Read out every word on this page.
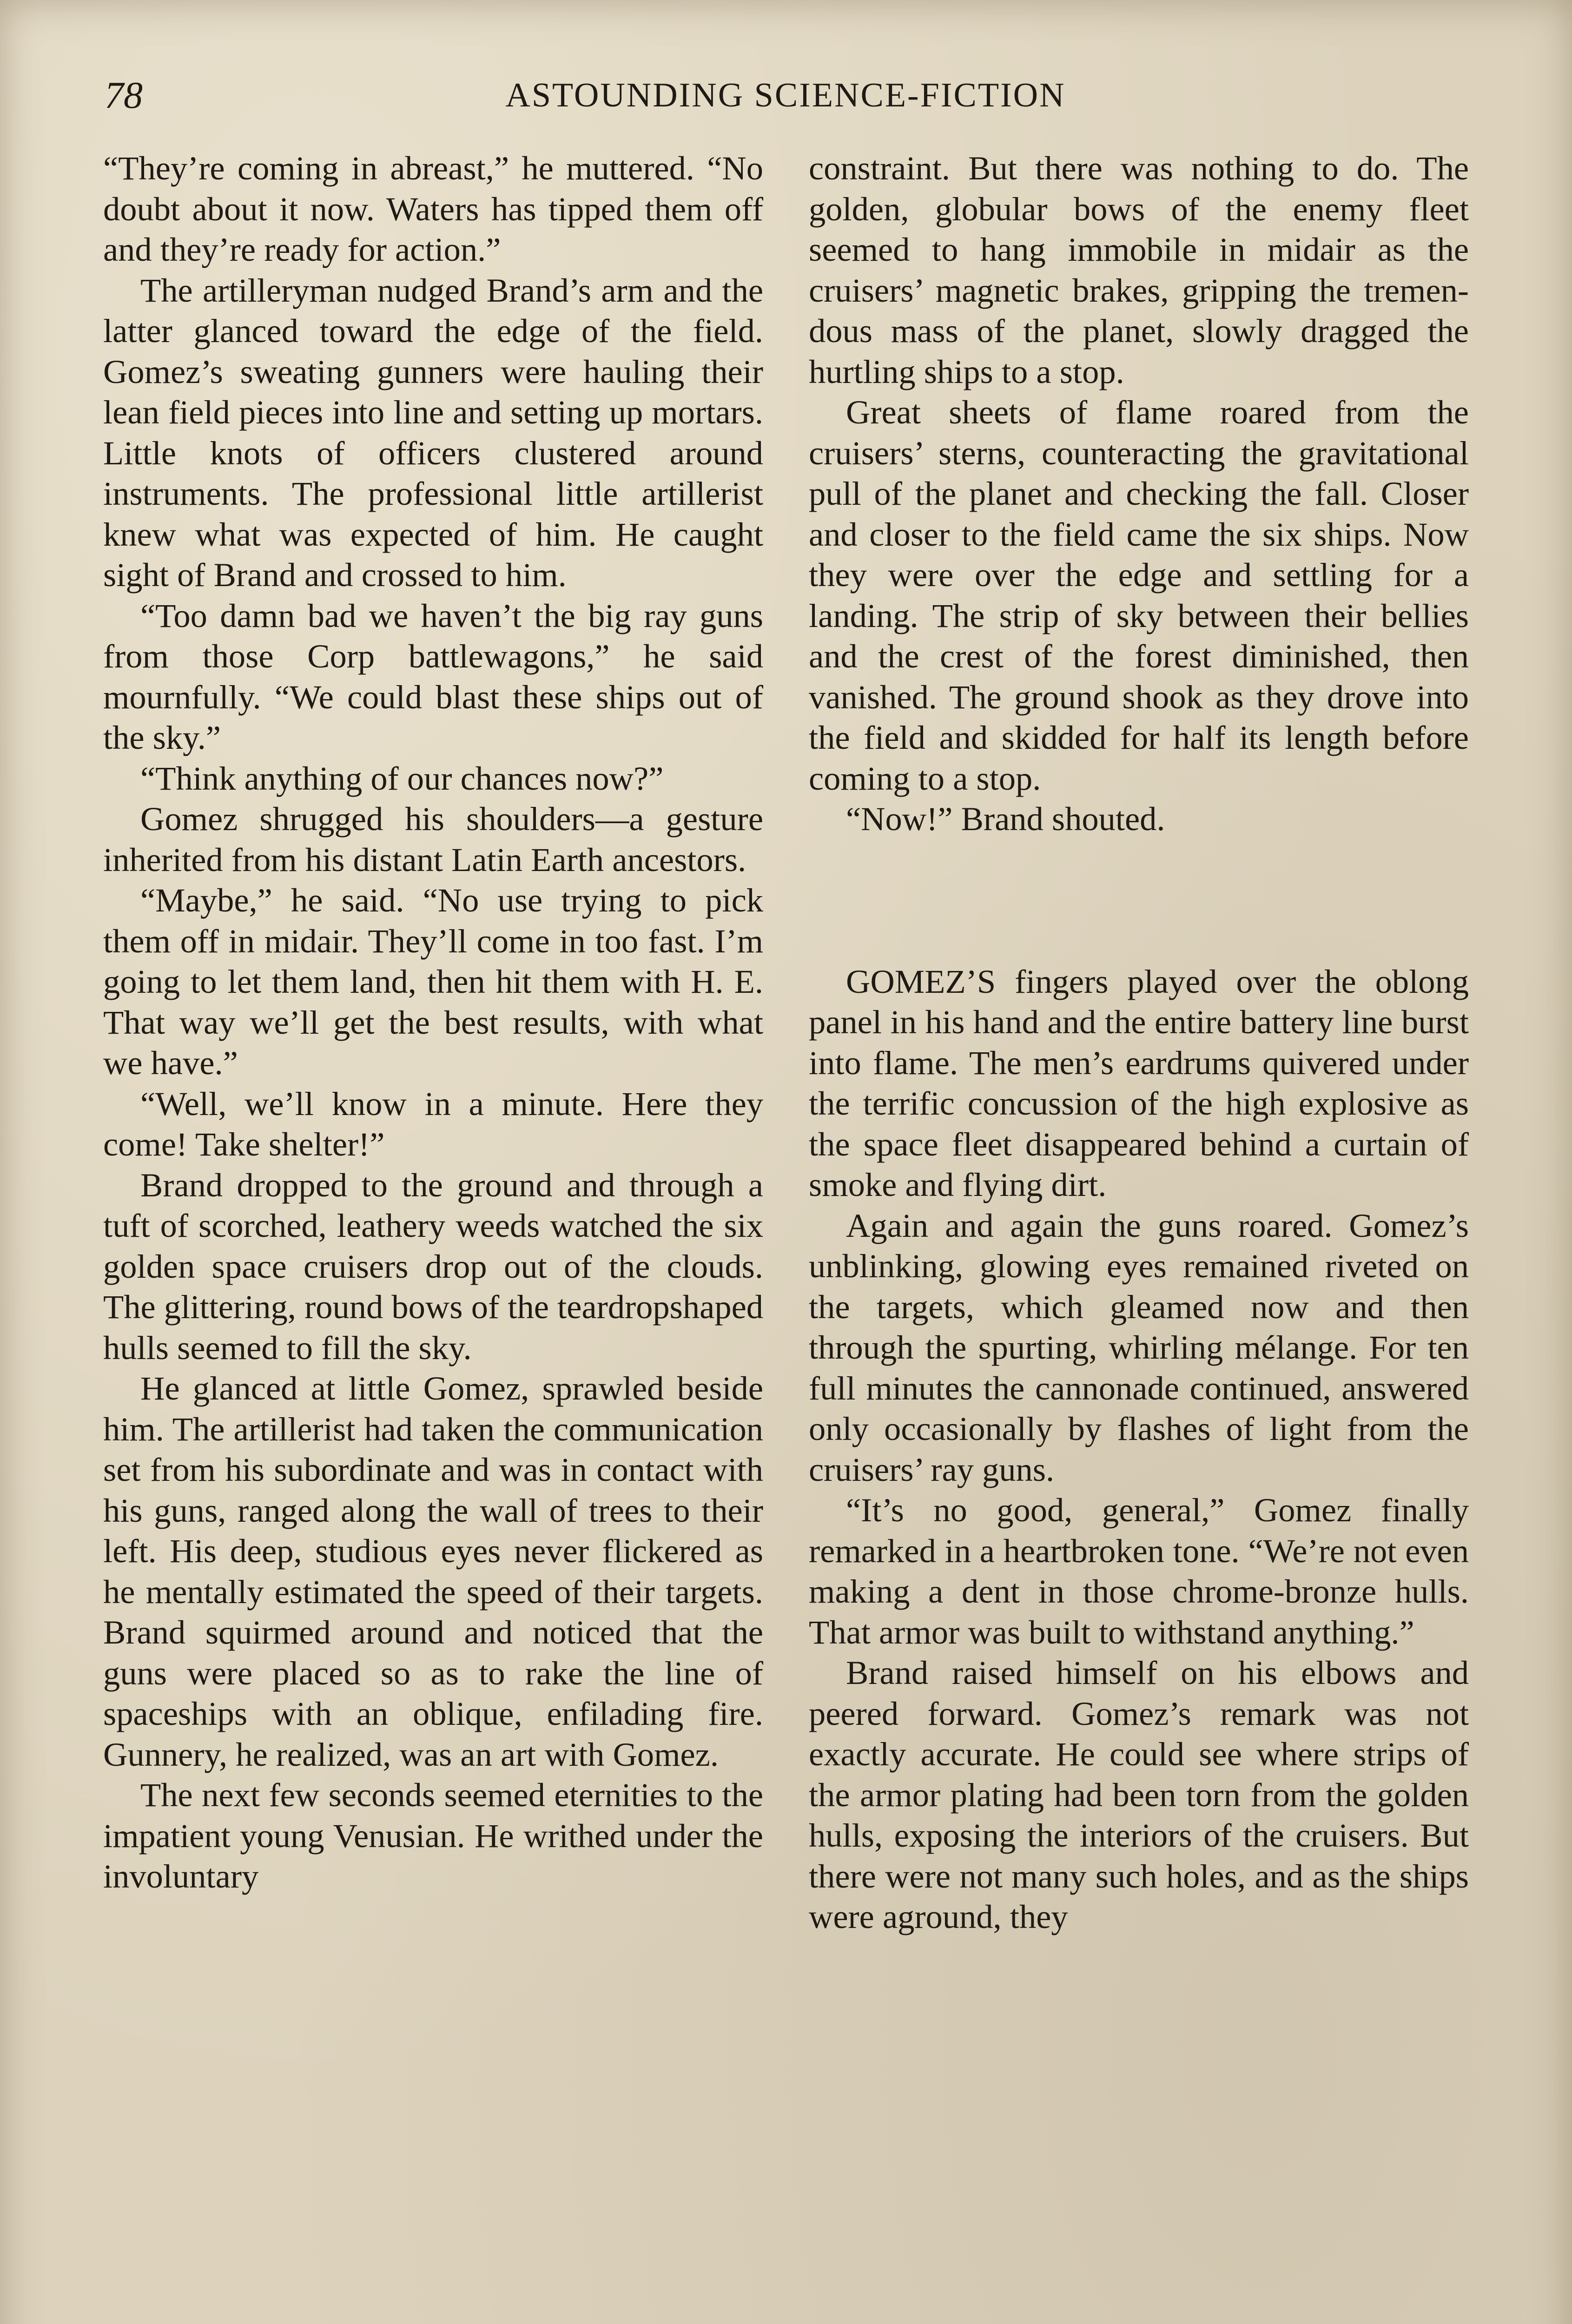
78	ASTOUNDING SCIENCE-FICTION

“They’re coming in abreast,” he muttered. “No doubt about it now. Waters has tipped them off and they’re ready for action.”

The artilleryman nudged Brand’s arm and the latter glanced toward the edge of the field. Gomez’s sweating gunners were hauling their lean field pieces into line and setting up mortars. Little knots of officers clustered around instruments. The professional little artillerist knew what was expected of him. He caught sight of Brand and crossed to him.

“Too damn bad we haven’t the big ray guns from those Corp battlewagons,” he said mournfully. “We could blast these ships out of the sky.”

“Think anything of our chances now?”

Gomez shrugged his shoulders—a gesture inherited from his distant Latin Earth ancestors.

“Maybe,” he said. “No use trying to pick them off in midair. They’ll come in too fast. I’m going to let them land, then hit them with H. E. That way we’ll get the best results, with what we have.”

“Well, we’ll know in a minute. Here they come! Take shelter!”

Brand dropped to the ground and through a tuft of scorched, leathery weeds watched the six golden space cruisers drop out of the clouds. The glittering, round bows of the teardropshaped hulls seemed to fill the sky.

He glanced at little Gomez, sprawled beside him. The artillerist had taken the communication set from his subordinate and was in contact with his guns, ranged along the wall of trees to their left. His deep, studious eyes never flickered as he mentally estimated the speed of their targets. Brand squirmed around and noticed that the guns were placed so as to rake the line of spaceships with an oblique, enfilading fire. Gunnery, he realized, was an art with Gomez.

The next few seconds seemed eternities to the impatient young Venusian. He writhed under the involuntary

constraint. But there was nothing to do. The golden, globular bows of the enemy fleet seemed to hang immobile in midair as the cruisers’ magnetic brakes, gripping the tremendous mass of the planet, slowly dragged the hurtling ships to a stop.

Great sheets of flame roared from the cruisers’ sterns, counteracting the gravitational pull of the planet and checking the fall. Closer and closer to the field came the six ships. Now they were over the edge and settling for a landing. The strip of sky between their bellies and the crest of the forest diminished, then vanished. The ground shook as they drove into the field and skidded for half its length before coming to a stop.

“Now!” Brand shouted.

GOMEZ’S fingers played over the oblong panel in his hand and the entire battery line burst into flame. The men’s eardrums quivered under the terrific concussion of the high explosive as the space fleet disappeared behind a curtain of smoke and flying dirt.

Again and again the guns roared. Gomez’s unblinking, glowing eyes remained riveted on the targets, which gleamed now and then through the spurting, whirling mélange. For ten full minutes the cannonade continued, answered only occasionally by flashes of light from the cruisers’ ray guns.

“It’s no good, general,” Gomez finally remarked in a heartbroken tone. “We’re not even making a dent in those chrome-bronze hulls. That armor was built to withstand anything.”

Brand raised himself on his elbows and peered forward. Gomez’s remark was not exactly accurate. He could see where strips of the armor plating had been torn from the golden hulls, exposing the interiors of the cruisers. But there were not many such holes, and as the ships were aground, they
